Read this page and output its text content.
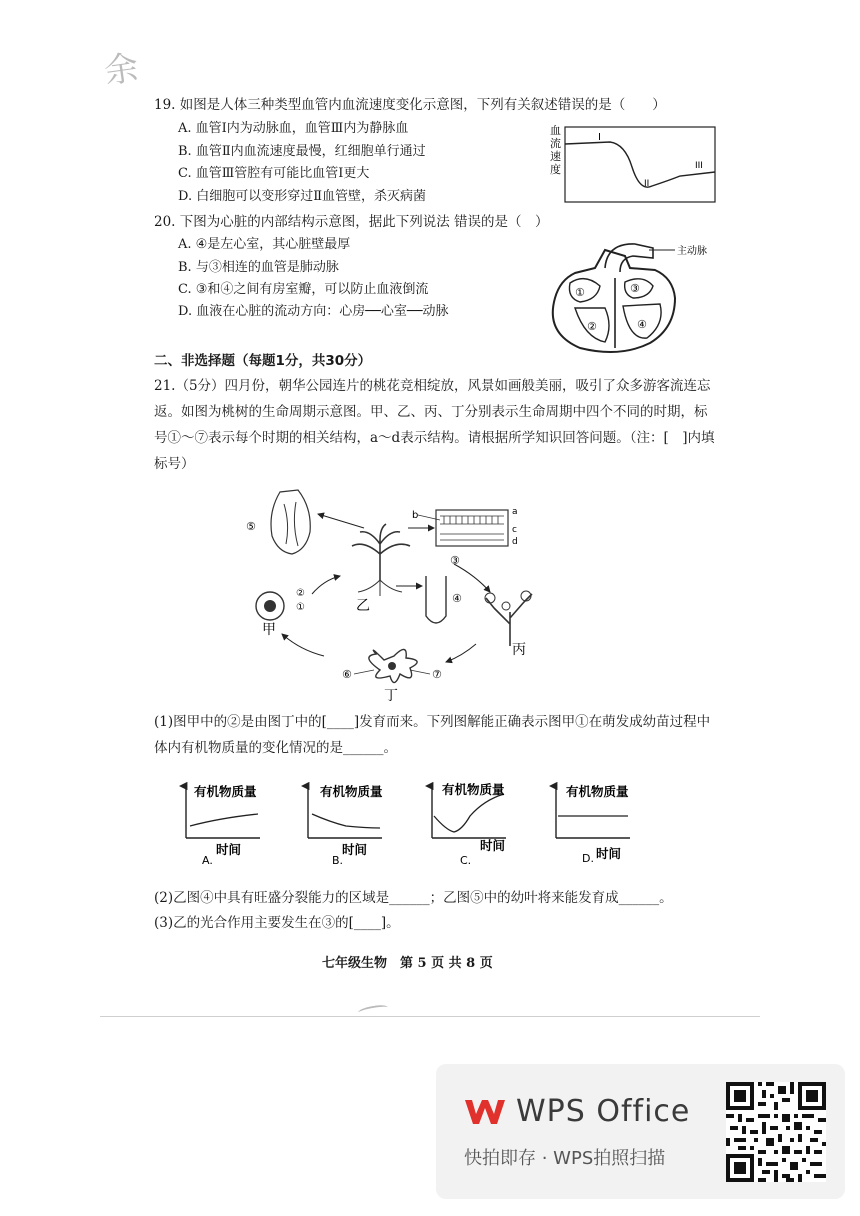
余
19. 如图是人体三种类型血管内血流速度变化示意图，下列有关叙述错误的是（　　）
A. 血管Ⅰ内为动脉血，血管Ⅲ内为静脉血
B. 血管Ⅱ内血流速度最慢，红细胞单行通过
C. 血管Ⅲ管腔有可能比血管Ⅰ更大
D. 白细胞可以变形穿过Ⅱ血管壁，杀灭病菌
血
流
速
度
I
II
III
20. 下图为心脏的内部结构示意图，据此下列说法 错误的是（　）
A. ④是左心室，其心脏壁最厚
B. 与③相连的血管是肺动脉
C. ③和④之间有房室瓣，可以防止血液倒流
D. 血液在心脏的流动方向：心房──心室──动脉
主动脉
①
②
③
④
二、非选择题（每题1分，共30分）
21.（5分）四月份，朝华公园连片的桃花竞相绽放，风景如画般美丽，吸引了众多游客流连忘返。如图为桃树的生命周期示意图。甲、乙、丙、丁分别表示生命周期中四个不同的时期，标号①～⑦表示每个时期的相关结构，a～d表示结构。请根据所学知识回答问题。（注：[　]内填标号）
⑤
b	a
c
d
③
乙	④
②
①
甲
丙
⑥	⑦
丁
(1)图甲中的②是由图丁中的[____]发育而来。下列图解能正确表示图甲①在萌发成幼苗过程中
体内有机物质量的变化情况的是______。
有机物质量
时间
A.
有机物质量
时间
B.
有机物质量
时间
C.
有机物质量
时间
D.
(2)乙图④中具有旺盛分裂能力的区域是______；乙图⑤中的幼叶将来能发育成______。
(3)乙的光合作用主要发生在③的[____]。
七年级生物　第 5 页 共 8 页
WPS Office
快拍即存 · WPS拍照扫描
